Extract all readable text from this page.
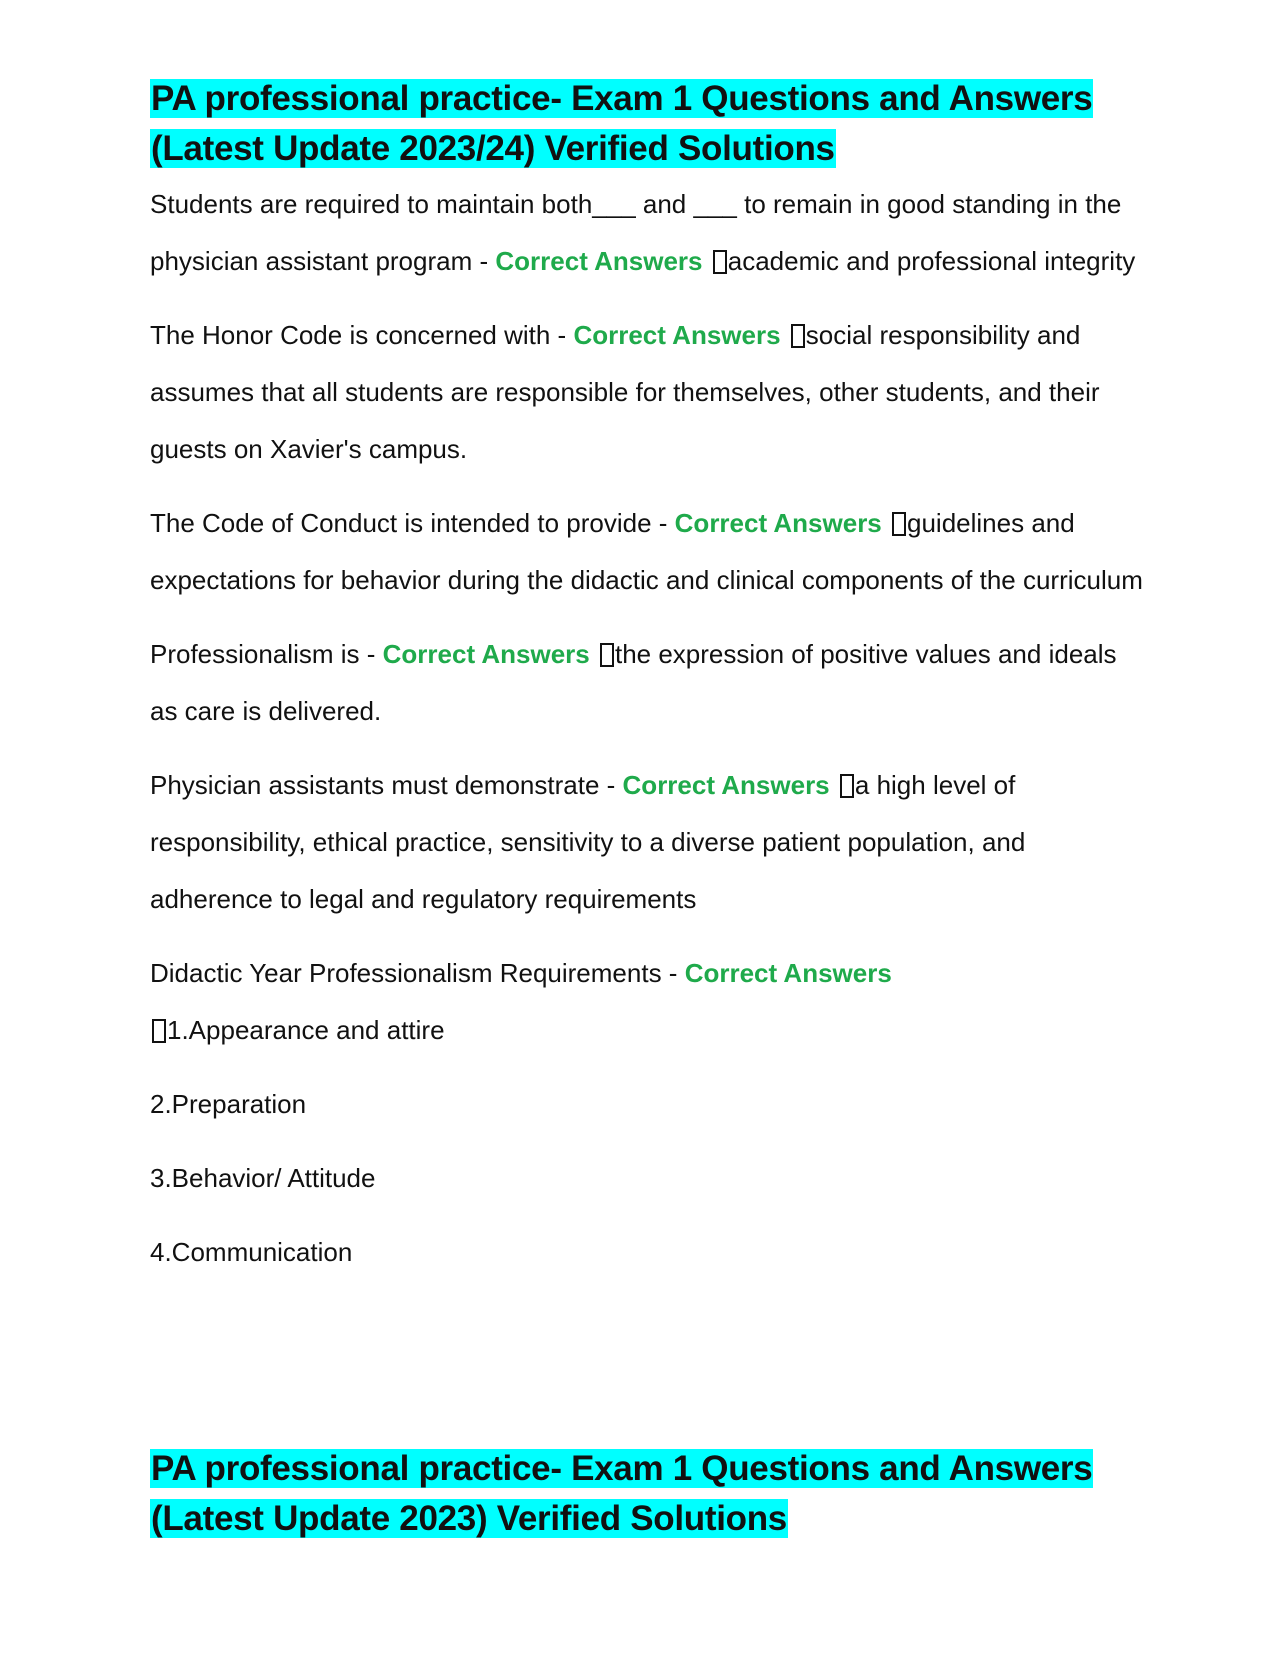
PA professional practice- Exam 1 Questions and Answers (Latest Update 2023/24) Verified Solutions

Students are required to maintain both___ and ___ to remain in good standing in the physician assistant program - Correct Answers academic and professional integrity

The Honor Code is concerned with - Correct Answers social responsibility and assumes that all students are responsible for themselves, other students, and their guests on Xavier's campus.

The Code of Conduct is intended to provide - Correct Answers guidelines and expectations for behavior during the didactic and clinical components of the curriculum

Professionalism is - Correct Answers the expression of positive values and ideals as care is delivered.

Physician assistants must demonstrate - Correct Answers a high level of responsibility, ethical practice, sensitivity to a diverse patient population, and adherence to legal and regulatory requirements

Didactic Year Professionalism Requirements - Correct Answers
1.Appearance and attire

2.Preparation

3.Behavior/ Attitude

4.Communication

PA professional practice- Exam 1 Questions and Answers (Latest Update 2023) Verified Solutions
